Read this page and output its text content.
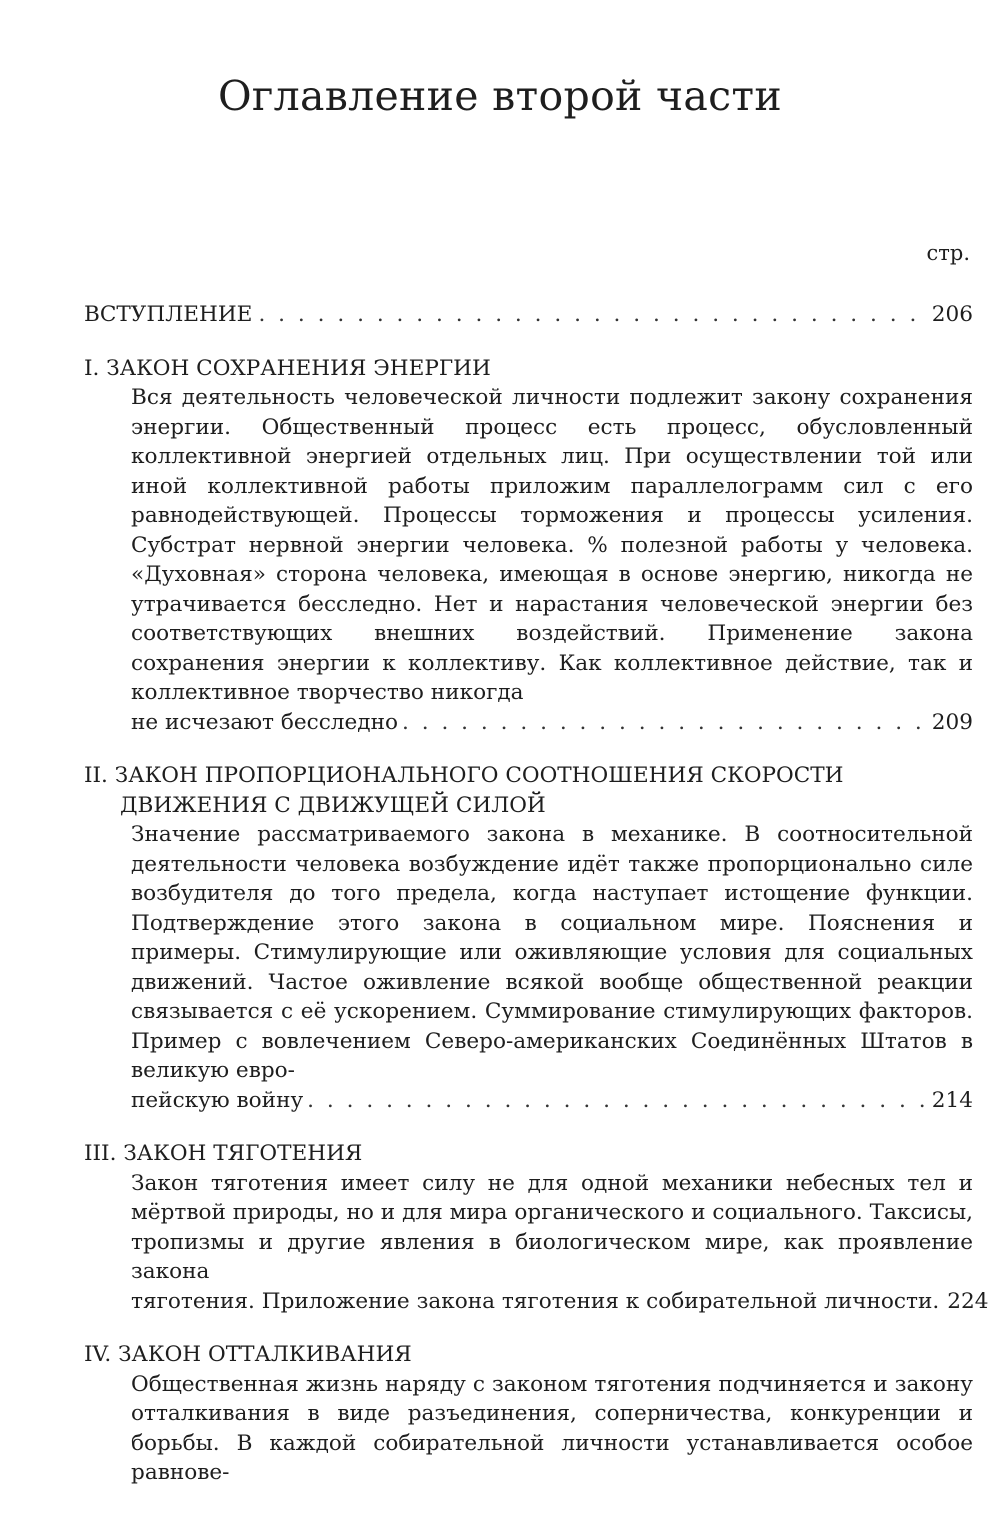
Оглавление второй части
стр.
ВСТУПЛЕНИЕ . . .	206
I. ЗАКОН СОХРАНЕНИЯ ЭНЕРГИИ
Вся деятельность человеческой личности подлежит закону сохранения энергии. Общественный процесс есть процесс, обусловленный коллективной энергией отдельных лиц. При осуществлении той или иной коллективной работы приложим параллелограмм сил с его равнодействующей. Процессы торможения и процессы усиления. Субстрат нервной энергии человека. % полезной работы у человека. «Духовная» сторона человека, имеющая в основе энергию, никогда не утрачивается бесследно. Нет и нарастания человеческой энергии без соответствующих внешних воздействий. Применение закона сохранения энергии к коллективу. Как коллективное действие, так и коллективное творчество никогда
не исчезают бесследно . . .	209
II. ЗАКОН ПРОПОРЦИОНАЛЬНОГО СООТНОШЕНИЯ СКОРОСТИ
ДВИЖЕНИЯ С ДВИЖУЩЕЙ СИЛОЙ
Значение рассматриваемого закона в механике. В соотносительной деятельности человека возбуждение идёт также пропорционально силе возбудителя до того предела, когда наступает истощение функции. Подтверждение этого закона в социальном мире. Пояснения и примеры. Стимулирующие или оживляющие условия для социальных движений. Частое оживление всякой вообще общественной реакции связывается с её ускорением. Суммирование стимулирующих факторов. Пример с вовлечением Северо-американских Соединённых Штатов в великую евро-
пейскую войну . . .	214
III. ЗАКОН ТЯГОТЕНИЯ
Закон тяготения имеет силу не для одной механики небесных тел и мёртвой природы, но и для мира органического и социального. Таксисы, тропизмы и другие явления в биологическом мире, как проявление закона
тяготения. Приложение закона тяготения к собирательной личности. 224
IV. ЗАКОН ОТТАЛКИВАНИЯ
Общественная жизнь наряду с законом тяготения подчиняется и закону отталкивания в виде разъединения, соперничества, конкуренции и борьбы. В каждой собирательной личности устанавливается особое равнове-
